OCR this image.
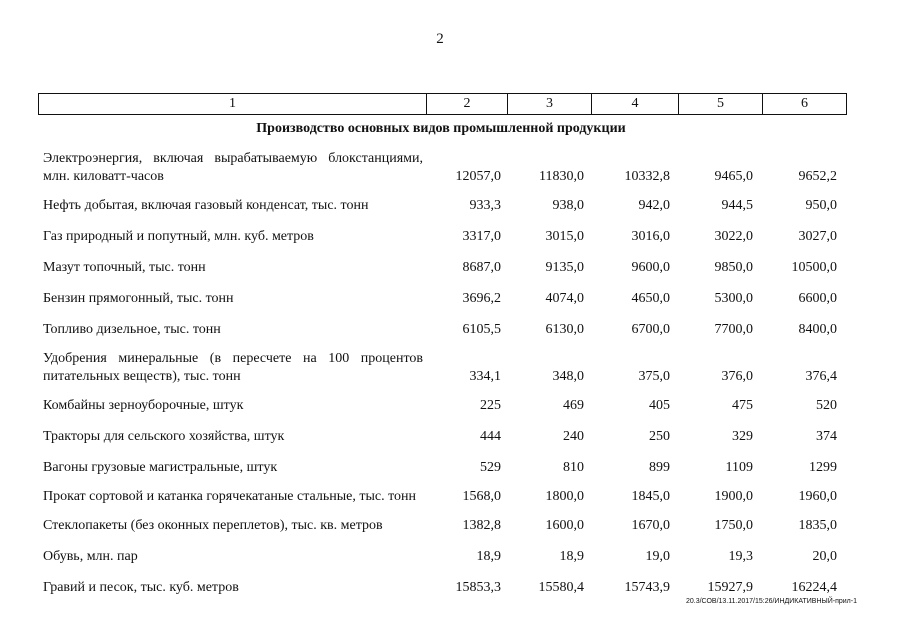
2
1	2	3	4	5	6
Производство основных видов промышленной продукции
Электроэнергия, включая вырабатываемую блокстанциями, млн. киловатт-часов	12057,0	11830,0	10332,8	9465,0	9652,2
Нефть добытая, включая газовый конденсат, тыс. тонн	933,3	938,0	942,0	944,5	950,0
Газ природный и попутный, млн. куб. метров	3317,0	3015,0	3016,0	3022,0	3027,0
Мазут топочный, тыс. тонн	8687,0	9135,0	9600,0	9850,0	10500,0
Бензин прямогонный, тыс. тонн	3696,2	4074,0	4650,0	5300,0	6600,0
Топливо дизельное, тыс. тонн	6105,5	6130,0	6700,0	7700,0	8400,0
Удобрения минеральные (в пересчете на 100 процентов питательных веществ), тыс. тонн	334,1	348,0	375,0	376,0	376,4
Комбайны зерноуборочные, штук	225	469	405	475	520
Тракторы для сельского хозяйства, штук	444	240	250	329	374
Вагоны грузовые магистральные, штук	529	810	899	1109	1299
Прокат сортовой и катанка горячекатаные стальные, тыс. тонн	1568,0	1800,0	1845,0	1900,0	1960,0
Стеклопакеты (без оконных переплетов), тыс. кв. метров	1382,8	1600,0	1670,0	1750,0	1835,0
Обувь, млн. пар	18,9	18,9	19,0	19,3	20,0
Гравий и песок, тыс. куб. метров	15853,3	15580,4	15743,9	15927,9	16224,4
20.3/СОВ/13.11.2017/15:26/ИНДИКАТИВНЫЙ-прил-1
